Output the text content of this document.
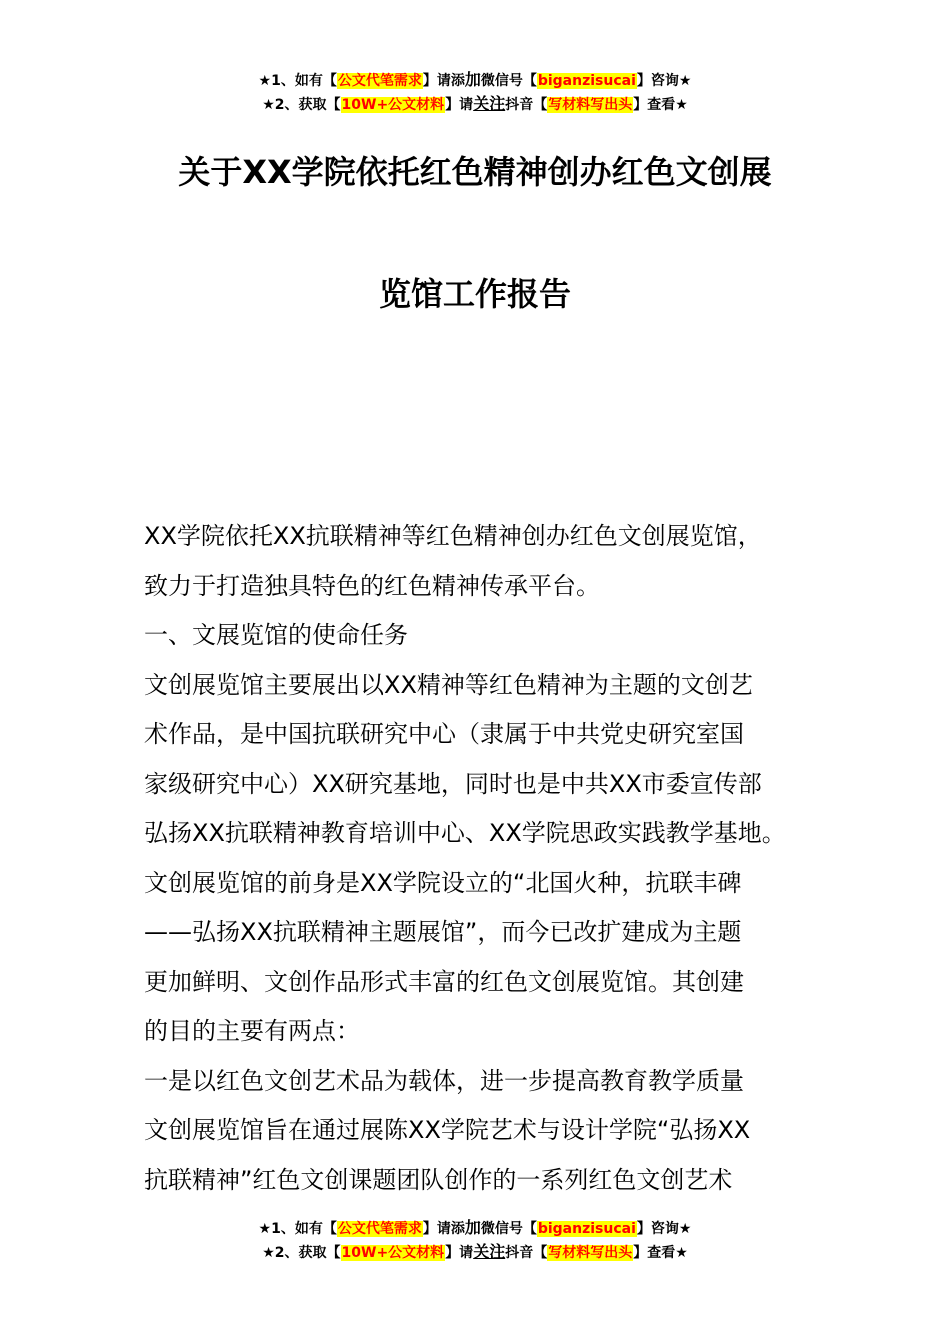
★1、如有【公文代笔需求】请添加微信号【biganzisucai】咨询★
★2、获取【10W+公文材料】请关注抖音【写材料写出头】查看★
关于XX学院依托红色精神创办红色文创展
览馆工作报告
XX学院依托XX抗联精神等红色精神创办红色文创展览馆，
致力于打造独具特色的红色精神传承平台。
一、文展览馆的使命任务
文创展览馆主要展出以XX精神等红色精神为主题的文创艺
术作品，是中国抗联研究中心（隶属于中共党史研究室国
家级研究中心）XX研究基地，同时也是中共XX市委宣传部
弘扬XX抗联精神教育培训中心、XX学院思政实践教学基地。
文创展览馆的前身是XX学院设立的“北国火种，抗联丰碑
——弘扬XX抗联精神主题展馆”，而今已改扩建成为主题
更加鲜明、文创作品形式丰富的红色文创展览馆。其创建
的目的主要有两点：
一是以红色文创艺术品为载体，进一步提高教育教学质量
文创展览馆旨在通过展陈XX学院艺术与设计学院“弘扬XX
抗联精神”红色文创课题团队创作的一系列红色文创艺术
★1、如有【公文代笔需求】请添加微信号【biganzisucai】咨询★
★2、获取【10W+公文材料】请关注抖音【写材料写出头】查看★
